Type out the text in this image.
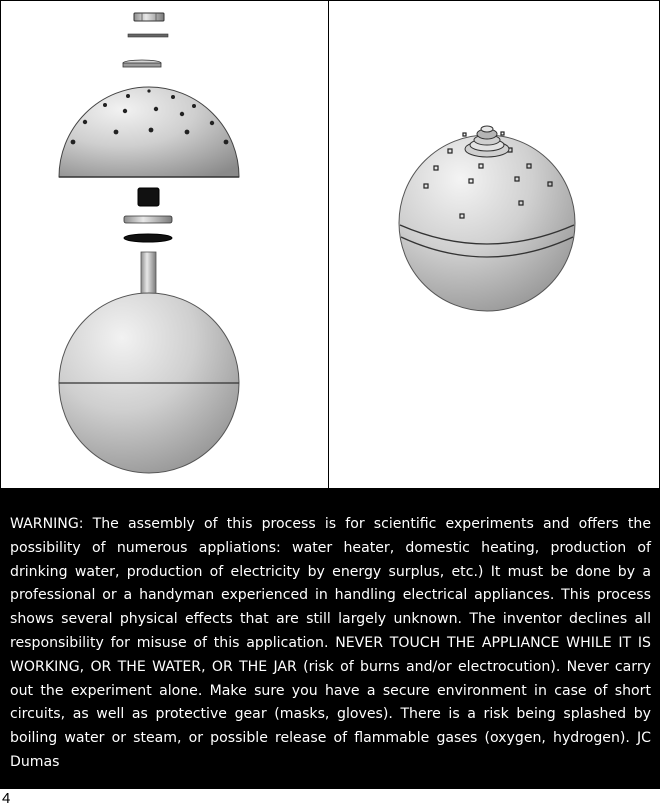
WARNING: The assembly of this process is for scientific experiments and offers the possibility of numerous appliations: water heater, domestic heating, production of drinking water, production of electricity by energy surplus, etc.) It must be done by a professional or a handyman experienced in handling electrical appliances. This process shows several physical effects that are still largely unknown. The inventor declines all responsibility for misuse of this application. NEVER TOUCH THE APPLIANCE WHILE IT IS WORKING, OR THE WATER, OR THE JAR (risk of burns and/or electrocution). Never carry out the experiment alone. Make sure you have a secure environment in case of short circuits, as well as protective gear (masks, gloves). There is a risk being splashed by boiling water or steam, or possible release of flammable gases (oxygen, hydrogen). JC Dumas

4
